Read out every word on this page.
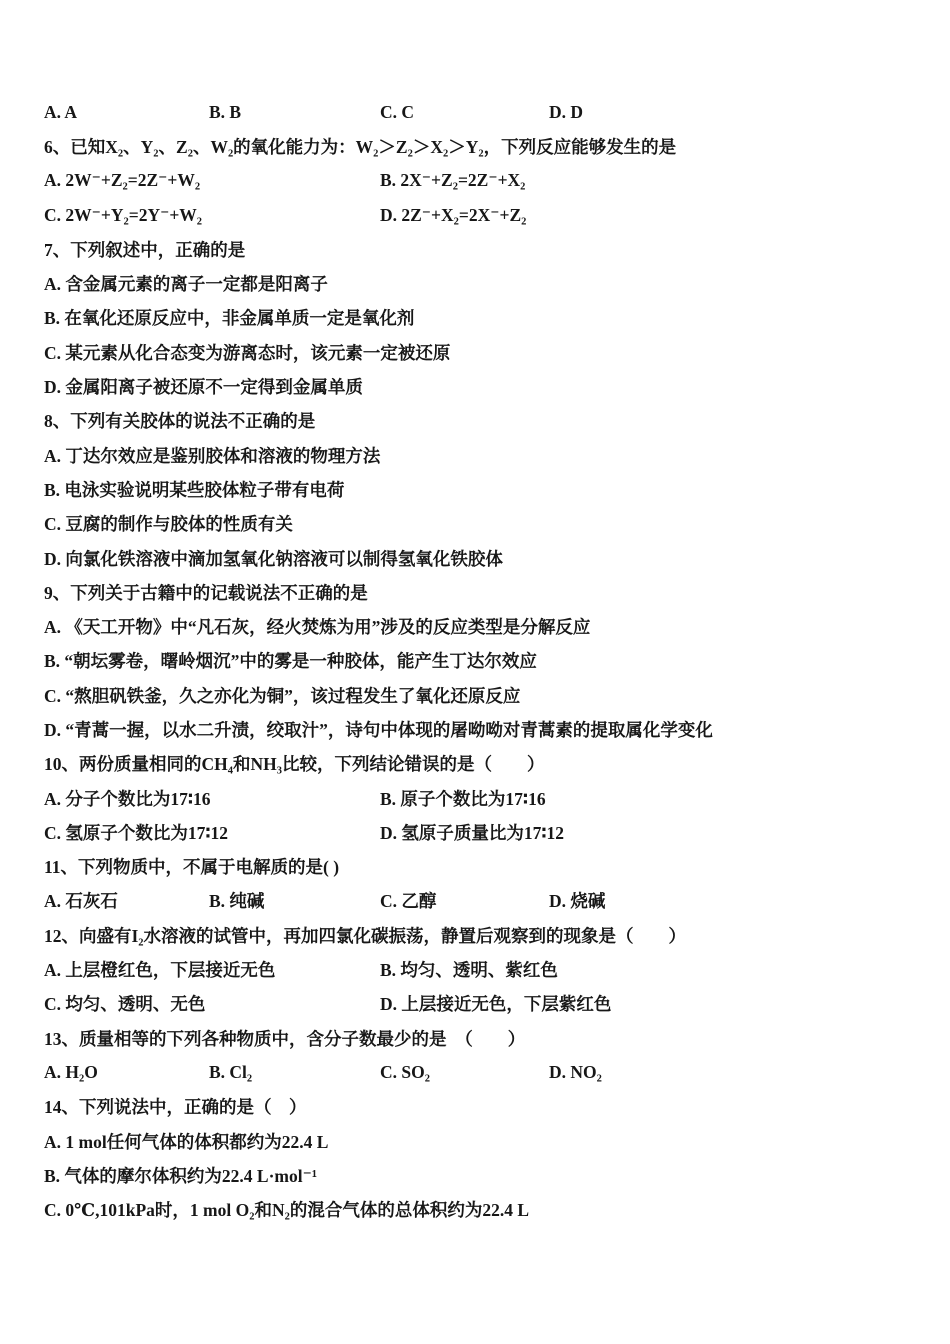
A. A	B. B	C. C	D. D
6、已知X₂、Y₂、Z₂、W₂的氧化能力为：W₂＞Z₂＞X₂＞Y₂，下列反应能够发生的是
A. 2W⁻+Z₂=2Z⁻+W₂	B. 2X⁻+Z₂=2Z⁻+X₂
C. 2W⁻+Y₂=2Y⁻+W₂	D. 2Z⁻+X₂=2X⁻+Z₂
7、下列叙述中，正确的是
A. 含金属元素的离子一定都是阳离子
B. 在氧化还原反应中，非金属单质一定是氧化剂
C. 某元素从化合态变为游离态时，该元素一定被还原
D. 金属阳离子被还原不一定得到金属单质
8、下列有关胶体的说法不正确的是
A. 丁达尔效应是鉴别胶体和溶液的物理方法
B. 电泳实验说明某些胶体粒子带有电荷
C. 豆腐的制作与胶体的性质有关
D. 向氯化铁溶液中滴加氢氧化钠溶液可以制得氢氧化铁胶体
9、下列关于古籍中的记载说法不正确的是
A. 《天工开物》中“凡石灰，经火焚炼为用”涉及的反应类型是分解反应
B. “朝坛雾卷，曙岭烟沉”中的雾是一种胶体，能产生丁达尔效应
C. “熬胆矾铁釜，久之亦化为铜”，该过程发生了氧化还原反应
D. “青蒿一握，以水二升渍，绞取汁”，诗句中体现的屠呦呦对青蒿素的提取属化学变化
10、两份质量相同的CH₄和NH₃比较，下列结论错误的是（　　）
A. 分子个数比为17∶16	B. 原子个数比为17∶16
C. 氢原子个数比为17∶12	D. 氢原子质量比为17∶12
11、下列物质中，不属于电解质的是( )
A. 石灰石	B. 纯碱	C. 乙醇	D. 烧碱
12、向盛有I₂水溶液的试管中，再加四氯化碳振荡，静置后观察到的现象是（　　）
A. 上层橙红色，下层接近无色	B. 均匀、透明、紫红色
C. 均匀、透明、无色	D. 上层接近无色，下层紫红色
13、质量相等的下列各种物质中，含分子数最少的是　（　　）
A. H₂O	B. Cl₂	C. SO₂	D. NO₂
14、下列说法中，正确的是（　）
A. 1 mol任何气体的体积都约为22.4 L
B. 气体的摩尔体积约为22.4 L·mol⁻¹
C. 0℃,101kPa时，1 mol O₂和N₂的混合气体的总体积约为22.4 L
